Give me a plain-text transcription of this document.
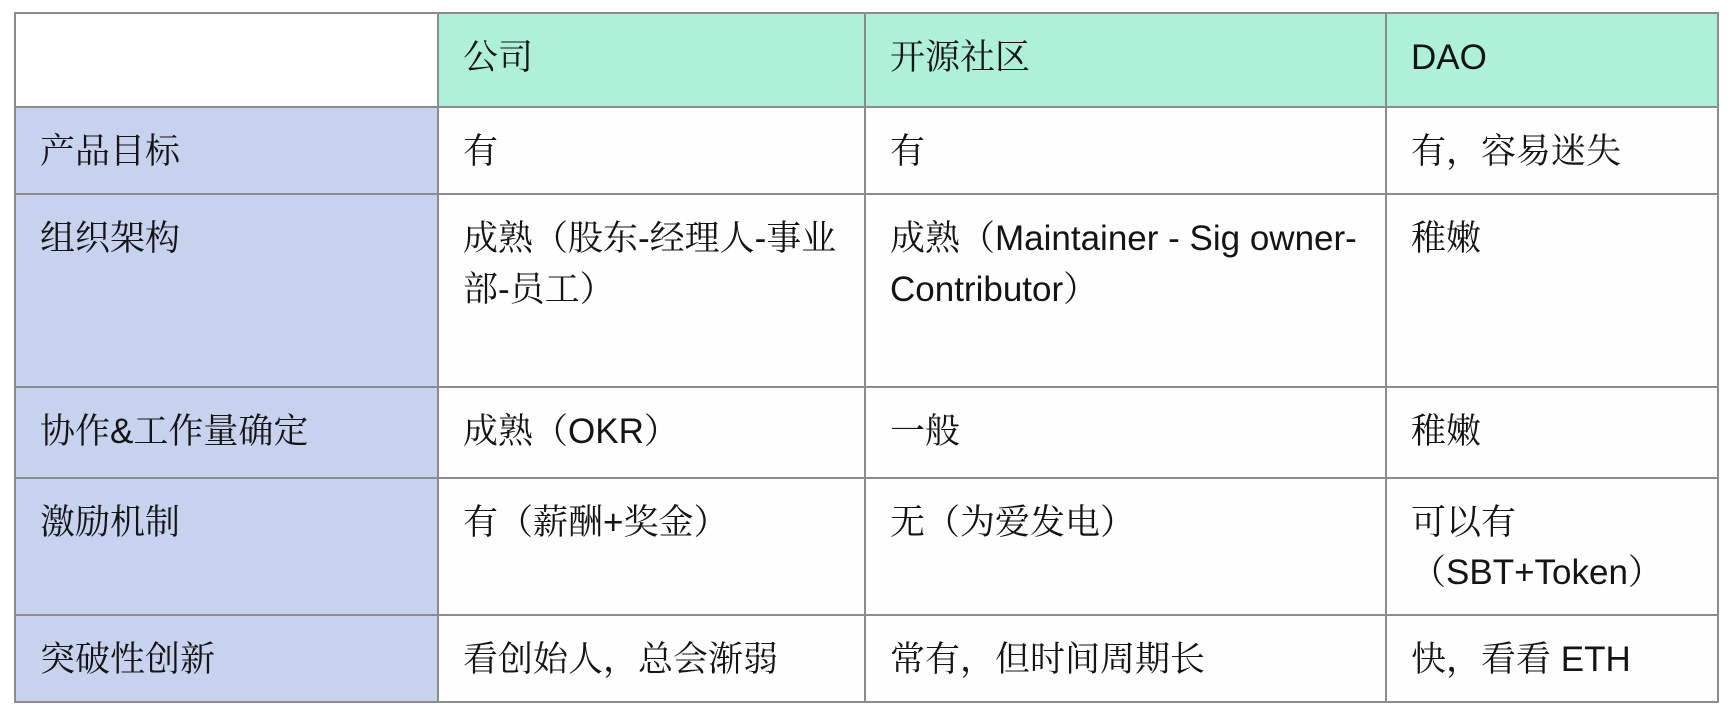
	公司	开源社区	DAO
产品目标	有	有	有，容易迷失
组织架构	成熟（股东-经理人-事业部-员工）	成熟（Maintainer - Sig owner- Contributor）	稚嫩
协作&工作量确定	成熟（OKR）	一般	稚嫩
激励机制	有（薪酬+奖金）	无（为爱发电）	可以有（SBT+Token）
突破性创新	看创始人，总会渐弱	常有，但时间周期长	快，看看 ETH
